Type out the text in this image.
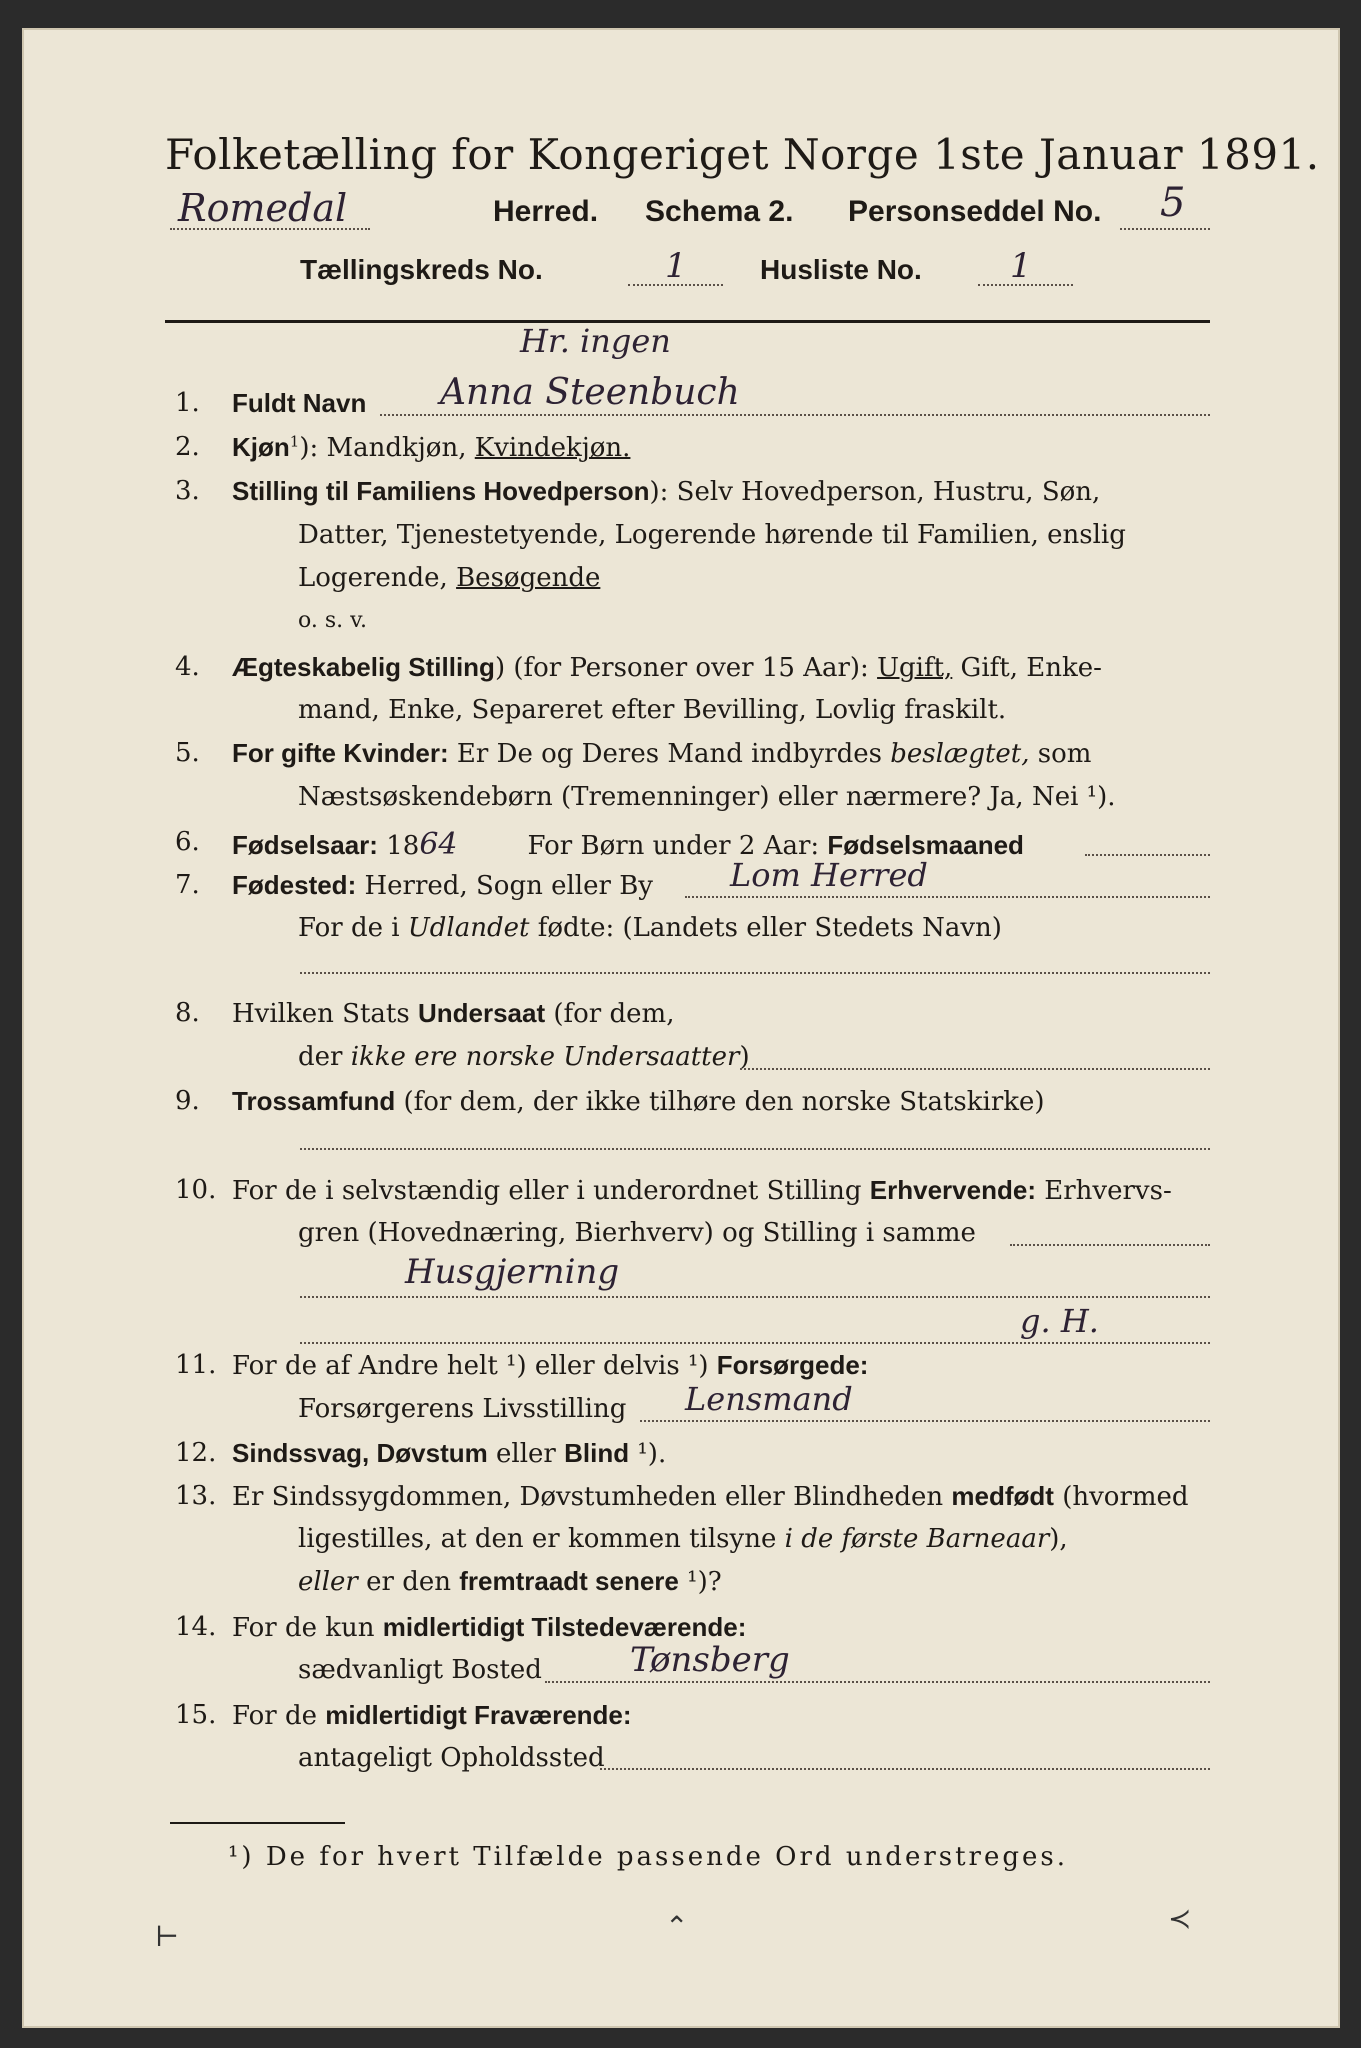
Folketælling for Kongeriget Norge 1ste Januar 1891.
Romedal	Herred. Schema 2. Personseddel No. 5
Tællingskreds No.	1	Husliste No.	1
Hr. ingen
1. Fuldt Navn Anna Steenbuch
2. Kjøn$^1$): Mandkjøn, Kvindekjøn.
3. Stilling til Familiens Hovedperson): Selv Hovedperson, Hustru, Søn,
Datter, Tjenestetyende, Logerende hørende til Familien, enslig
Logerende, Besøgende
o. s. v.
4. Ægteskabelig Stilling) (for Personer over 15 Aar): Ugift, Gift, Enke-
mand, Enke, Separeret efter Bevilling, Lovlig fraskilt.
5. For gifte Kvinder: Er De og Deres Mand indbyrdes beslægtet, som
Næstsøskendebørn (Tremenninger) eller nærmere? Ja, Nei ¹).
6. Fødselsaar: 1864	For Børn under 2 Aar: Fødselsmaaned
7. Fødested: Herred, Sogn eller By Lom Herred
For de i Udlandet fødte: (Landets eller Stedets Navn)
8. Hvilken Stats Undersaat (for dem,
der ikke ere norske Undersaatter)
9. Trossamfund (for dem, der ikke tilhøre den norske Statskirke)
10. For de i selvstændig eller i underordnet Stilling Erhvervende: Erhvervs-
gren (Hovednæring, Bierhverv) og Stilling i samme
Husgjerning
g. H.
11. For de af Andre helt ¹) eller delvis ¹) Forsørgede:
Forsørgerens Livsstilling Lensmand
12. Sindssvag, Døvstum eller Blind ¹).
13. Er Sindssygdommen, Døvstumheden eller Blindheden medfødt (hvormed
ligestilles, at den er kommen tilsyne i de første Barneaar),
eller er den fremtraadt senere ¹)?
14. For de kun midlertidigt Tilstedeværende:
sædvanligt Bosted	Tønsberg
15. For de midlertidigt Fraværende:
antageligt Opholdssted
¹) De for hvert Tilfælde passende Ord understreges.
⊢	⌃	≺
